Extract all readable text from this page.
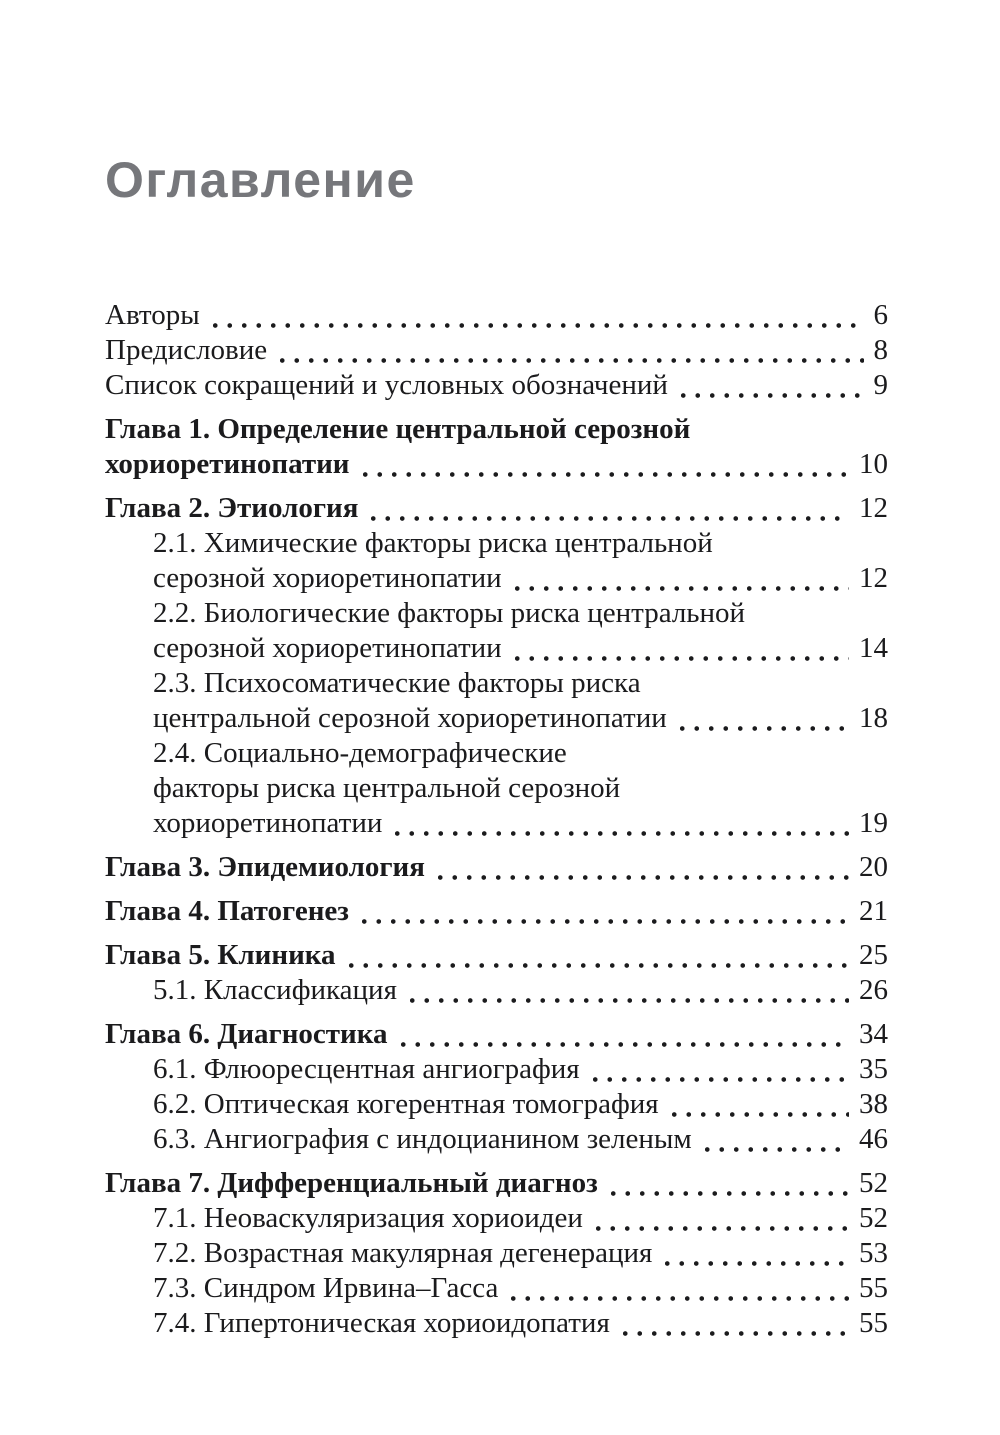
Оглавление
Авторы	6
Предисловие	8
Список сокращений и условных обозначений	9
Глава 1. Определение центральной серозной
хориоретинопатии	10
Глава 2. Этиология	12
2.1. Химические факторы риска центральной
серозной хориоретинопатии	12
2.2. Биологические факторы риска центральной
серозной хориоретинопатии	14
2.3. Психосоматические факторы риска
центральной серозной хориоретинопатии	18
2.4. Социально-демографические
факторы риска центральной серозной
хориоретинопатии	19
Глава 3. Эпидемиология	20
Глава 4. Патогенез	21
Глава 5. Клиника	25
5.1. Классификация	26
Глава 6. Диагностика	34
6.1. Флюоресцентная ангиография	35
6.2. Оптическая когерентная томография	38
6.3. Ангиография с индоцианином зеленым	46
Глава 7. Дифференциальный диагноз	52
7.1. Неоваскуляризация хориоидеи	52
7.2. Возрастная макулярная дегенерация	53
7.3. Синдром Ирвина–Гасса	55
7.4. Гипертоническая хориоидопатия	55
